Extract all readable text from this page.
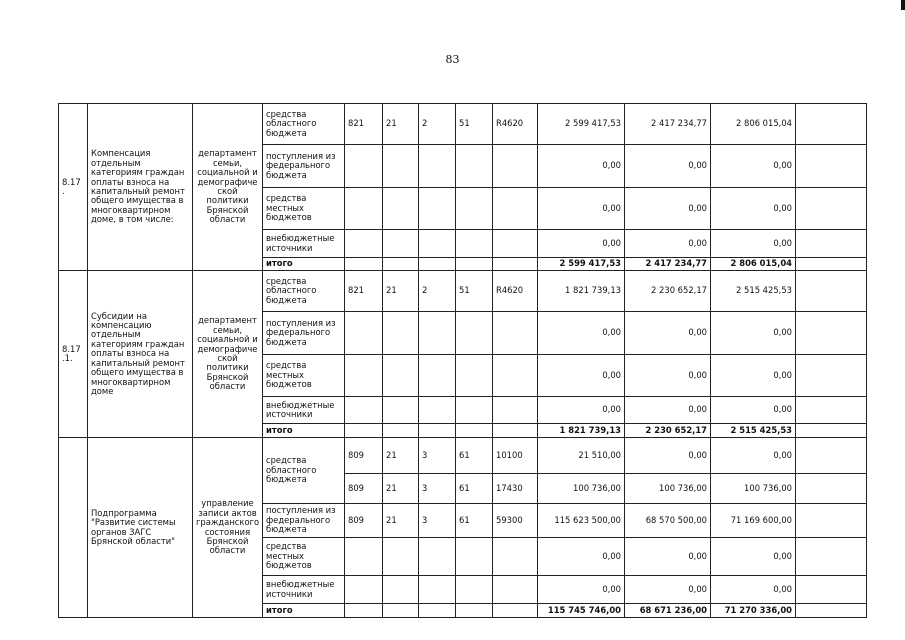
83
8.17
.	Компенсация отдельным категориям граждан оплаты взноса на капитальный ремонт общего имущества в многоквартирном доме, в том числе:	департамент семьи, социальной и демографиче ской политики Брянской области	средства областного бюджета	821	21	2	51	R4620	2 599 417,53	2 417 234,77	2 806 015,04	
			поступления из федерального бюджета						0,00	0,00	0,00	
			средства местных бюджетов						0,00	0,00	0,00	
			внебюджетные источники						0,00	0,00	0,00	
			итого						2 599 417,53	2 417 234,77	2 806 015,04	
8.17
.1.	Субсидии на компенсацию отдельным категориям граждан оплаты взноса на капитальный ремонт общего имущества в многоквартирном доме	департамент семьи, социальной и демографиче ской политики Брянской области	средства областного бюджета	821	21	2	51	R4620	1 821 739,13	2 230 652,17	2 515 425,53	
			поступления из федерального бюджета						0,00	0,00	0,00	
			средства местных бюджетов						0,00	0,00	0,00	
			внебюджетные источники						0,00	0,00	0,00	
			итого						1 821 739,13	2 230 652,17	2 515 425,53	
	Подпрограмма "Развитие системы органов ЗАГС Брянской области"	управление записи актов гражданского состояния Брянской области	средства областного бюджета	809	21	3	61	10100	21 510,00	0,00	0,00	
				809	21	3	61	17430	100 736,00	100 736,00	100 736,00	
			поступления из федерального бюджета	809	21	3	61	59300	115 623 500,00	68 570 500,00	71 169 600,00	
			средства местных бюджетов						0,00	0,00	0,00	
			внебюджетные источники						0,00	0,00	0,00	
			итого						115 745 746,00	68 671 236,00	71 270 336,00	
